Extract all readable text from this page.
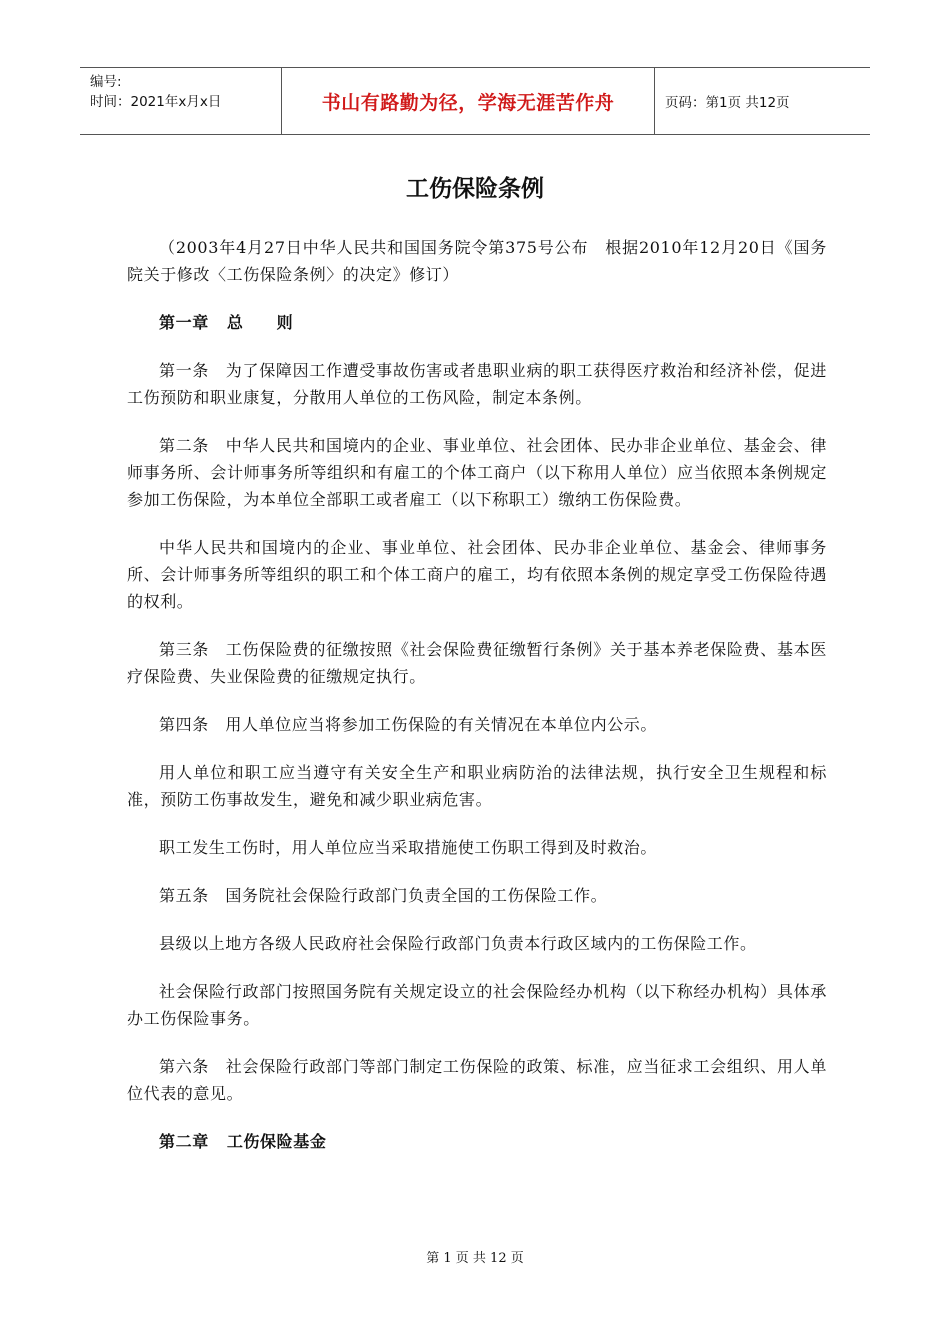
编号:
时间：2021年x月x日	书山有路勤为径，学海无涯苦作舟	页码：第1页 共12页
工伤保险条例

（2003年4月27日中华人民共和国国务院令第375号公布　根据2010年12月20日《国务院关于修改〈工伤保险条例〉的决定》修订）

第一章 总　　则

第一条　为了保障因工作遭受事故伤害或者患职业病的职工获得医疗救治和经济补偿，促进工伤预防和职业康复，分散用人单位的工伤风险，制定本条例。

第二条　中华人民共和国境内的企业、事业单位、社会团体、民办非企业单位、基金会、律师事务所、会计师事务所等组织和有雇工的个体工商户（以下称用人单位）应当依照本条例规定参加工伤保险，为本单位全部职工或者雇工（以下称职工）缴纳工伤保险费。

中华人民共和国境内的企业、事业单位、社会团体、民办非企业单位、基金会、律师事务所、会计师事务所等组织的职工和个体工商户的雇工，均有依照本条例的规定享受工伤保险待遇的权利。

第三条　工伤保险费的征缴按照《社会保险费征缴暂行条例》关于基本养老保险费、基本医疗保险费、失业保险费的征缴规定执行。

第四条　用人单位应当将参加工伤保险的有关情况在本单位内公示。

用人单位和职工应当遵守有关安全生产和职业病防治的法律法规，执行安全卫生规程和标准，预防工伤事故发生，避免和减少职业病危害。

职工发生工伤时，用人单位应当采取措施使工伤职工得到及时救治。

第五条　国务院社会保险行政部门负责全国的工伤保险工作。

县级以上地方各级人民政府社会保险行政部门负责本行政区域内的工伤保险工作。

社会保险行政部门按照国务院有关规定设立的社会保险经办机构（以下称经办机构）具体承办工伤保险事务。

第六条　社会保险行政部门等部门制定工伤保险的政策、标准，应当征求工会组织、用人单位代表的意见。

第二章 工伤保险基金

第 1 页 共 12 页
